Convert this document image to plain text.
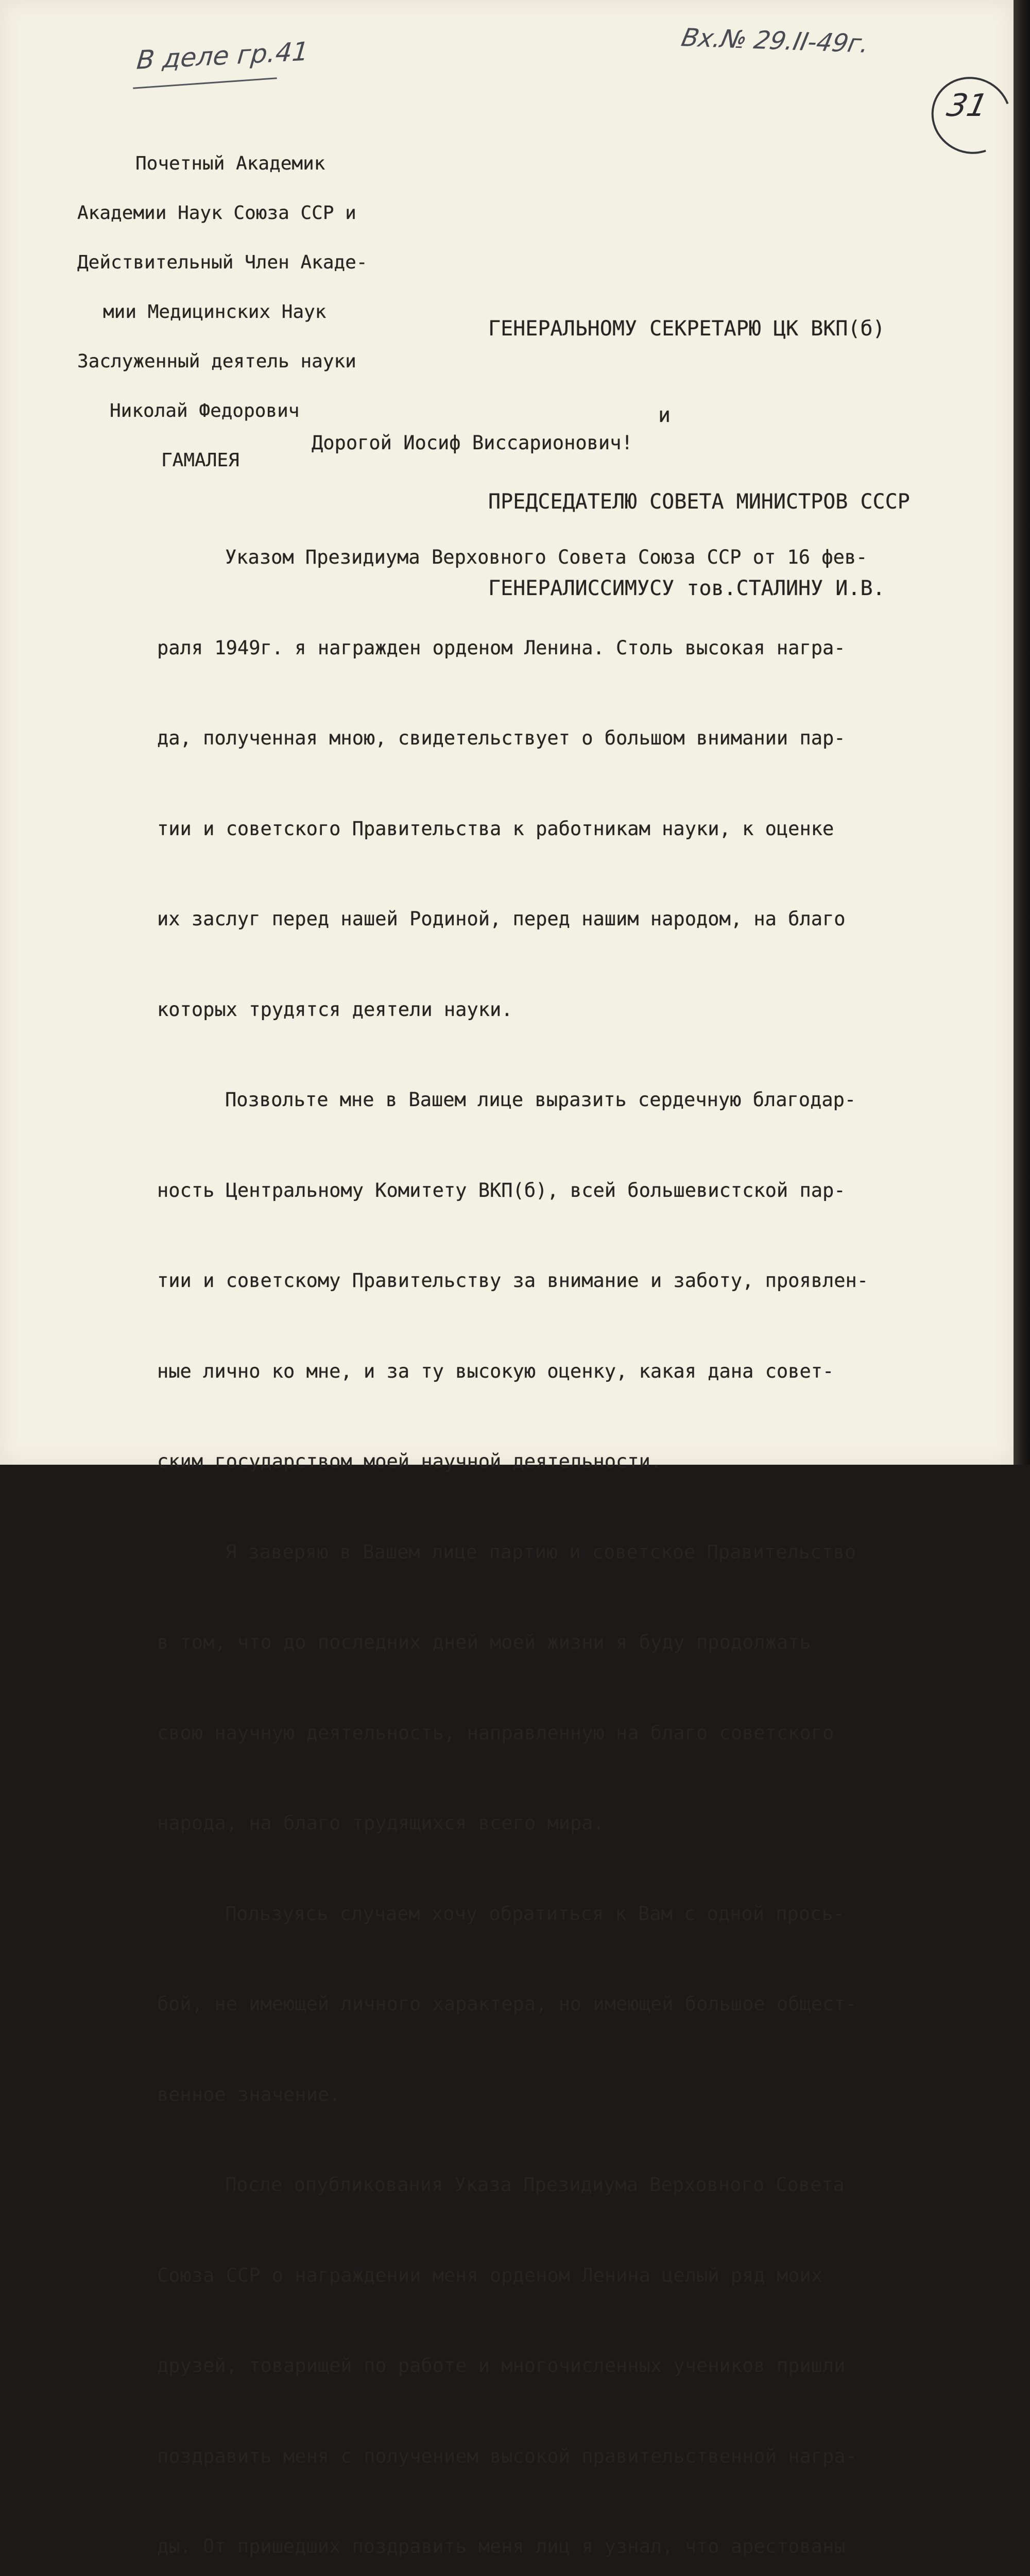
В деле гр.41	Вх.№ 29.II-49г.
31

Почетный Академик

Академии Наук Союза ССР и

Действительный Член Акаде-

мии Медицинских Наук

Заслуженный деятель науки

Николай Федорович

ГАМАЛЕЯ

ГЕНЕРАЛЬНОМУ СЕКРЕТАРЮ ЦК ВКП(б)

и

ПРЕДСЕДАТЕЛЮ СОВЕТА МИНИСТРОВ СССР

ГЕНЕРАЛИССИМУСУ тов.СТАЛИНУ И.В.

Дорогой Иосиф Виссарионович!

Указом Президиума Верховного Совета Союза ССР от 16 фев-

раля 1949г. я награжден орденом Ленина. Столь высокая награ-

да, полученная мною, свидетельствует о большом внимании пар-

тии и советского Правительства к работникам науки, к оценке

их заслуг перед нашей Родиной, перед нашим народом, на благо

которых трудятся деятели науки.

Позвольте мне в Вашем лице выразить сердечную благодар-

ность Центральному Комитету ВКП(б), всей большевистской пар-

тии и советскому Правительству за внимание и заботу, проявлен-

ные лично ко мне, и за ту высокую оценку, какая дана совет-

ским государством моей научной деятельности.

Я заверяю в Вашем лице партию и советское Правительство

в том, что до последних дней моей жизни я буду продолжать

свою научную деятельность, направленную на благо советского

народа, на благо трудящихся всего мира.

Пользуясь случаем хочу обратиться к Вам с одной прось-

бой, не имеющей личного характера, но имеющей большое общест-

венное значение.

После опубликования Указа Президиума Верховного Совета

Союза ССР о награждении меня орденом Ленина целый ряд моих

друзей, товарищей по работе и многочисленных учеников пришли

поздравить меня с получением высокой правительственной награ-

ды. От пришедших поздравить меня лиц я узнал, что арестованы
